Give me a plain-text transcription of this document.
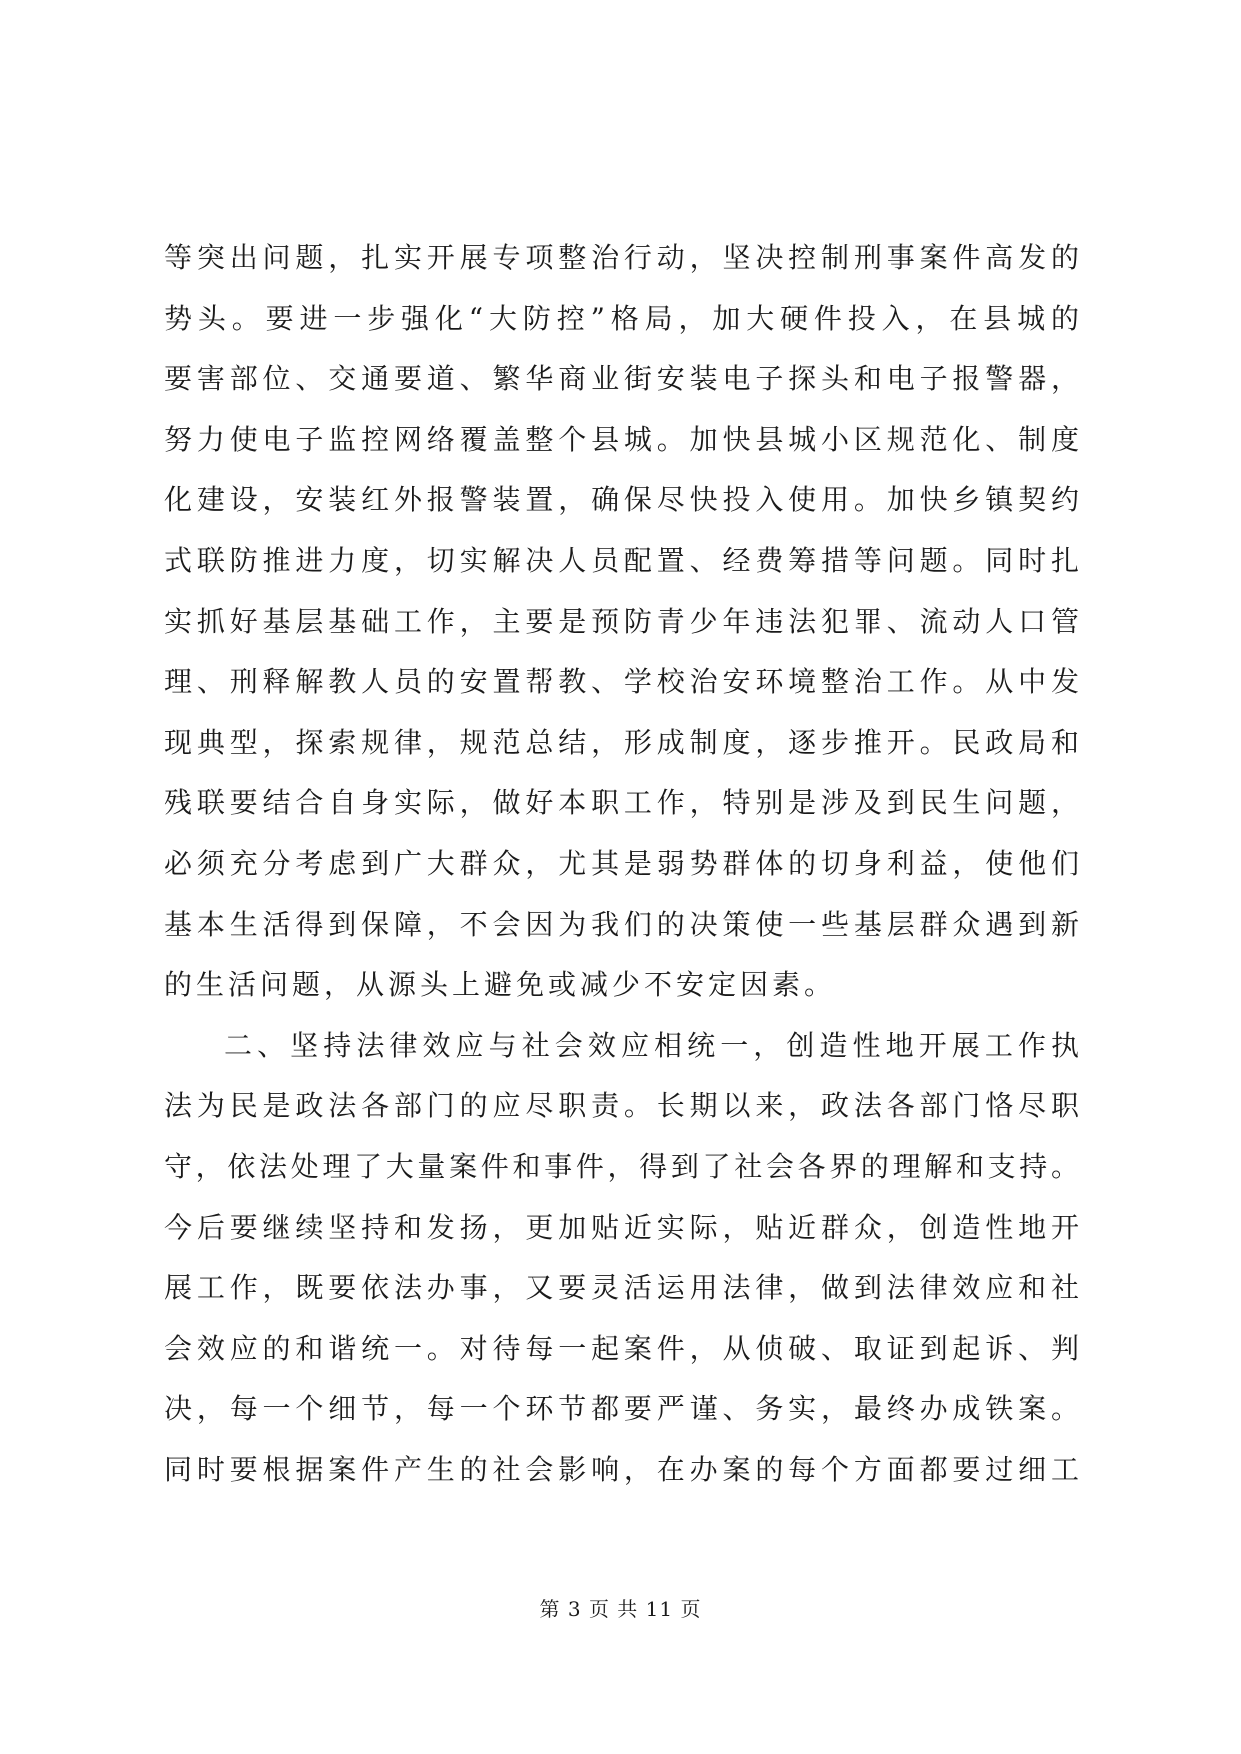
等突出问题，扎实开展专项整治行动，坚决控制刑事案件高发的
势头。要进一步强化“大防控”格局，加大硬件投入，在县城的
要害部位、交通要道、繁华商业街安装电子探头和电子报警器，
努力使电子监控网络覆盖整个县城。加快县城小区规范化、制度
化建设，安装红外报警装置，确保尽快投入使用。加快乡镇契约
式联防推进力度，切实解决人员配置、经费筹措等问题。同时扎
实抓好基层基础工作，主要是预防青少年违法犯罪、流动人口管
理、刑释解教人员的安置帮教、学校治安环境整治工作。从中发
现典型，探索规律，规范总结，形成制度，逐步推开。民政局和
残联要结合自身实际，做好本职工作，特别是涉及到民生问题，
必须充分考虑到广大群众，尤其是弱势群体的切身利益，使他们
基本生活得到保障，不会因为我们的决策使一些基层群众遇到新
的生活问题，从源头上避免或减少不安定因素。
二、坚持法律效应与社会效应相统一，创造性地开展工作执
法为民是政法各部门的应尽职责。长期以来，政法各部门恪尽职
守，依法处理了大量案件和事件，得到了社会各界的理解和支持。
今后要继续坚持和发扬，更加贴近实际，贴近群众，创造性地开
展工作，既要依法办事，又要灵活运用法律，做到法律效应和社
会效应的和谐统一。对待每一起案件，从侦破、取证到起诉、判
决，每一个细节，每一个环节都要严谨、务实，最终办成铁案。
同时要根据案件产生的社会影响，在办案的每个方面都要过细工
第 3 页 共 11 页
